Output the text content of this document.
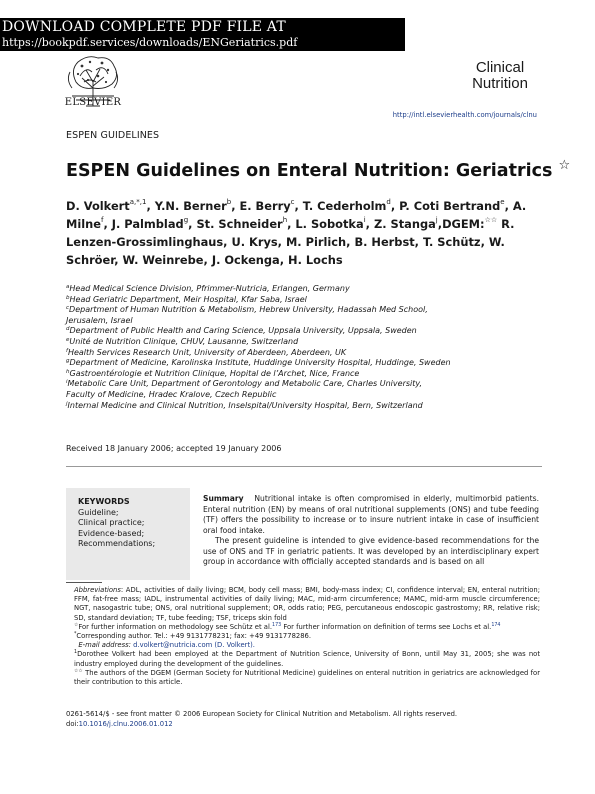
DOWNLOAD COMPLETE PDF FILE AT
https://bookpdf.services/downloads/ENGeriatrics.pdf
ELSEVIER
Clinical
Nutrition
http://intl.elsevierhealth.com/journals/clnu
ESPEN GUIDELINES
ESPEN Guidelines on Enteral Nutrition: Geriatrics ☆
D. Volkert$^{a,*,1}$, Y.N. Berner$^b$, E. Berry$^c$, T. Cederholm$^d$, P. Coti Bertrand$^e$, A. Milne$^f$, J. Palmblad$^g$, St. Schneider$^h$, L. Sobotka$^i$, Z. Stanga$^j$,DGEM:☆☆ R. Lenzen-Grossimlinghaus, U. Krys, M. Pirlich, B. Herbst, T. Schütz, W. Schröer, W. Weinrebe, J. Ockenga, H. Lochs
$^a$Head Medical Science Division, Pfrimmer-Nutricia, Erlangen, Germany
$^b$Head Geriatric Department, Meir Hospital, Kfar Saba, Israel
$^c$Department of Human Nutrition & Metabolism, Hebrew University, Hadassah Med School,
Jerusalem, Israel
$^d$Department of Public Health and Caring Science, Uppsala University, Uppsala, Sweden
$^e$Unité de Nutrition Clinique, CHUV, Lausanne, Switzerland
$^f$Health Services Research Unit, University of Aberdeen, Aberdeen, UK
$^g$Department of Medicine, Karolinska Institute, Huddinge University Hospital, Huddinge, Sweden
$^h$Gastroentérologie et Nutrition Clinique, Hopital de l’Archet, Nice, France
$^i$Metabolic Care Unit, Department of Gerontology and Metabolic Care, Charles University,
Faculty of Medicine, Hradec Kralove, Czech Republic
$^j$Internal Medicine and Clinical Nutrition, Inselspital/University Hospital, Bern, Switzerland
Received 18 January 2006; accepted 19 January 2006
KEYWORDS
Guideline;
Clinical practice;
Evidence-based;
Recommendations;

Summary Nutritional intake is often compromised in elderly, multimorbid patients. Enteral nutrition (EN) by means of oral nutritional supplements (ONS) and tube feeding (TF) offers the possibility to increase or to insure nutrient intake in case of insufficient oral food intake.

The present guideline is intended to give evidence-based recommendations for the use of ONS and TF in geriatric patients. It was developed by an interdisciplinary expert group in accordance with officially accepted standards and is based on all

Abbreviations: ADL, activities of daily living; BCM, body cell mass; BMI, body-mass index; CI, confidence interval; EN, enteral nutrition; FFM, fat-free mass; IADL, instrumental activities of daily living; MAC, mid-arm circumference; MAMC, mid-arm muscle circumference; NGT, nasogastric tube; ONS, oral nutritional supplement; OR, odds ratio; PEG, percutaneous endoscopic gastrostomy; RR, relative risk; SD, standard deviation; TF, tube feeding; TSF, triceps skin fold

☆For further information on methodology see Schütz et al.$^{173}$ For further information on definition of terms see Lochs et al.$^{174}$

*Corresponding author. Tel.: +49 9131778231; fax: +49 9131778286.

E-mail address: d.volkert@nutricia.com (D. Volkert).

$^1$Dorothee Volkert had been employed at the Department of Nutrition Science, University of Bonn, until May 31, 2005; she was not industry employed during the development of the guidelines.

☆☆ The authors of the DGEM (German Society for Nutritional Medicine) guidelines on enteral nutrition in geriatrics are acknowledged for their contribution to this article.

0261-5614/$ - see front matter © 2006 European Society for Clinical Nutrition and Metabolism. All rights reserved.
doi:10.1016/j.clnu.2006.01.012
